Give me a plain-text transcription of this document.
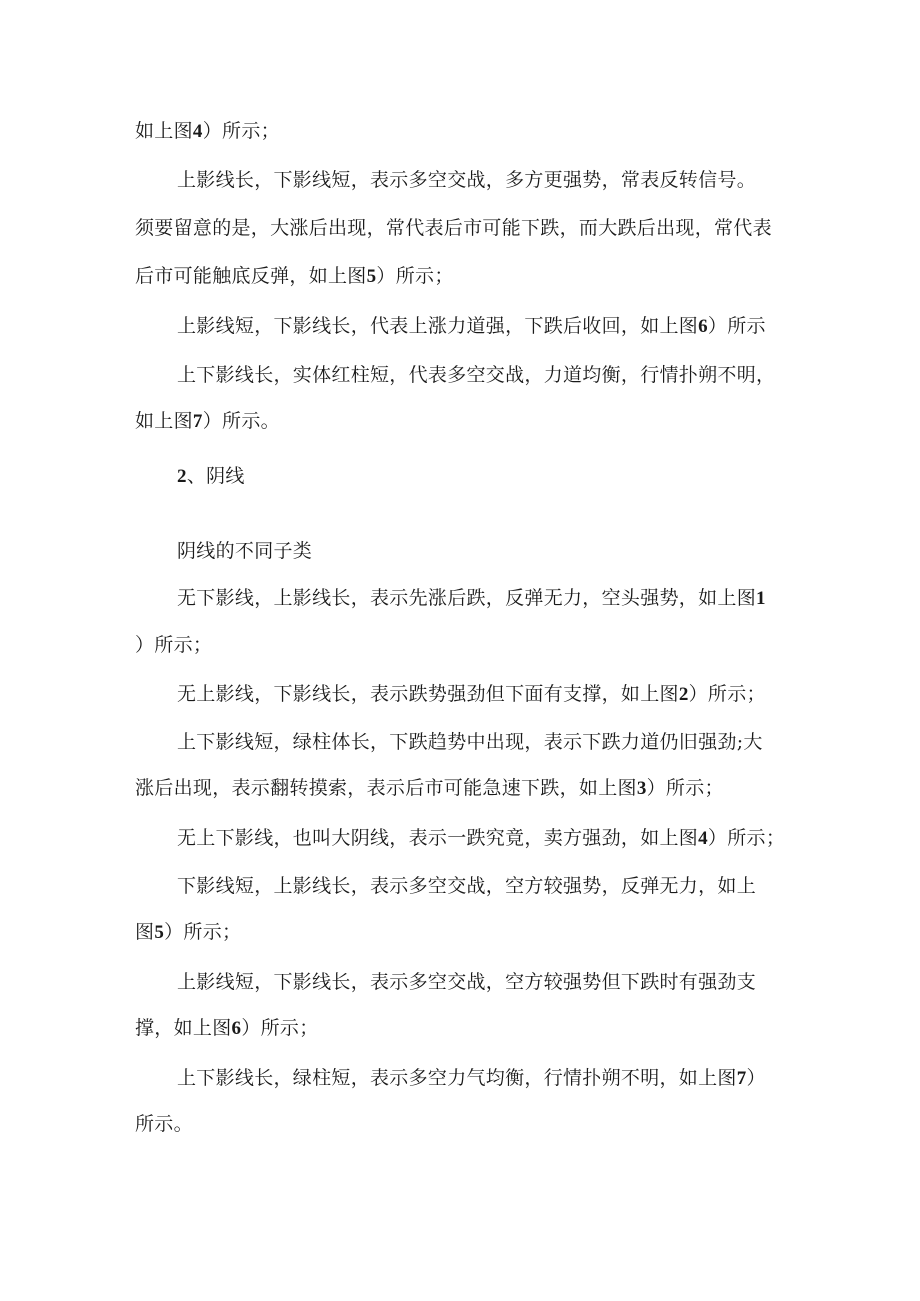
如上图4）所示；
上影线长，下影线短，表示多空交战，多方更强势，常表反转信号。
须要留意的是，大涨后出现，常代表后市可能下跌，而大跌后出现，常代表
后市可能触底反弹，如上图5）所示；
上影线短，下影线长，代表上涨力道强，下跌后收回，如上图6）所示
上下影线长，实体红柱短，代表多空交战，力道均衡，行情扑朔不明，
如上图7）所示。
2、阴线
阴线的不同子类
无下影线，上影线长，表示先涨后跌，反弹无力，空头强势，如上图1
）所示；
无上影线，下影线长，表示跌势强劲但下面有支撑，如上图2）所示；
上下影线短，绿柱体长，下跌趋势中出现，表示下跌力道仍旧强劲;大
涨后出现，表示翻转摸索，表示后市可能急速下跌，如上图3）所示；
无上下影线，也叫大阴线，表示一跌究竟，卖方强劲，如上图4）所示；
下影线短，上影线长，表示多空交战，空方较强势，反弹无力，如上
图5）所示；
上影线短，下影线长，表示多空交战，空方较强势但下跌时有强劲支
撑，如上图6）所示；
上下影线长，绿柱短，表示多空力气均衡，行情扑朔不明，如上图7）
所示。
